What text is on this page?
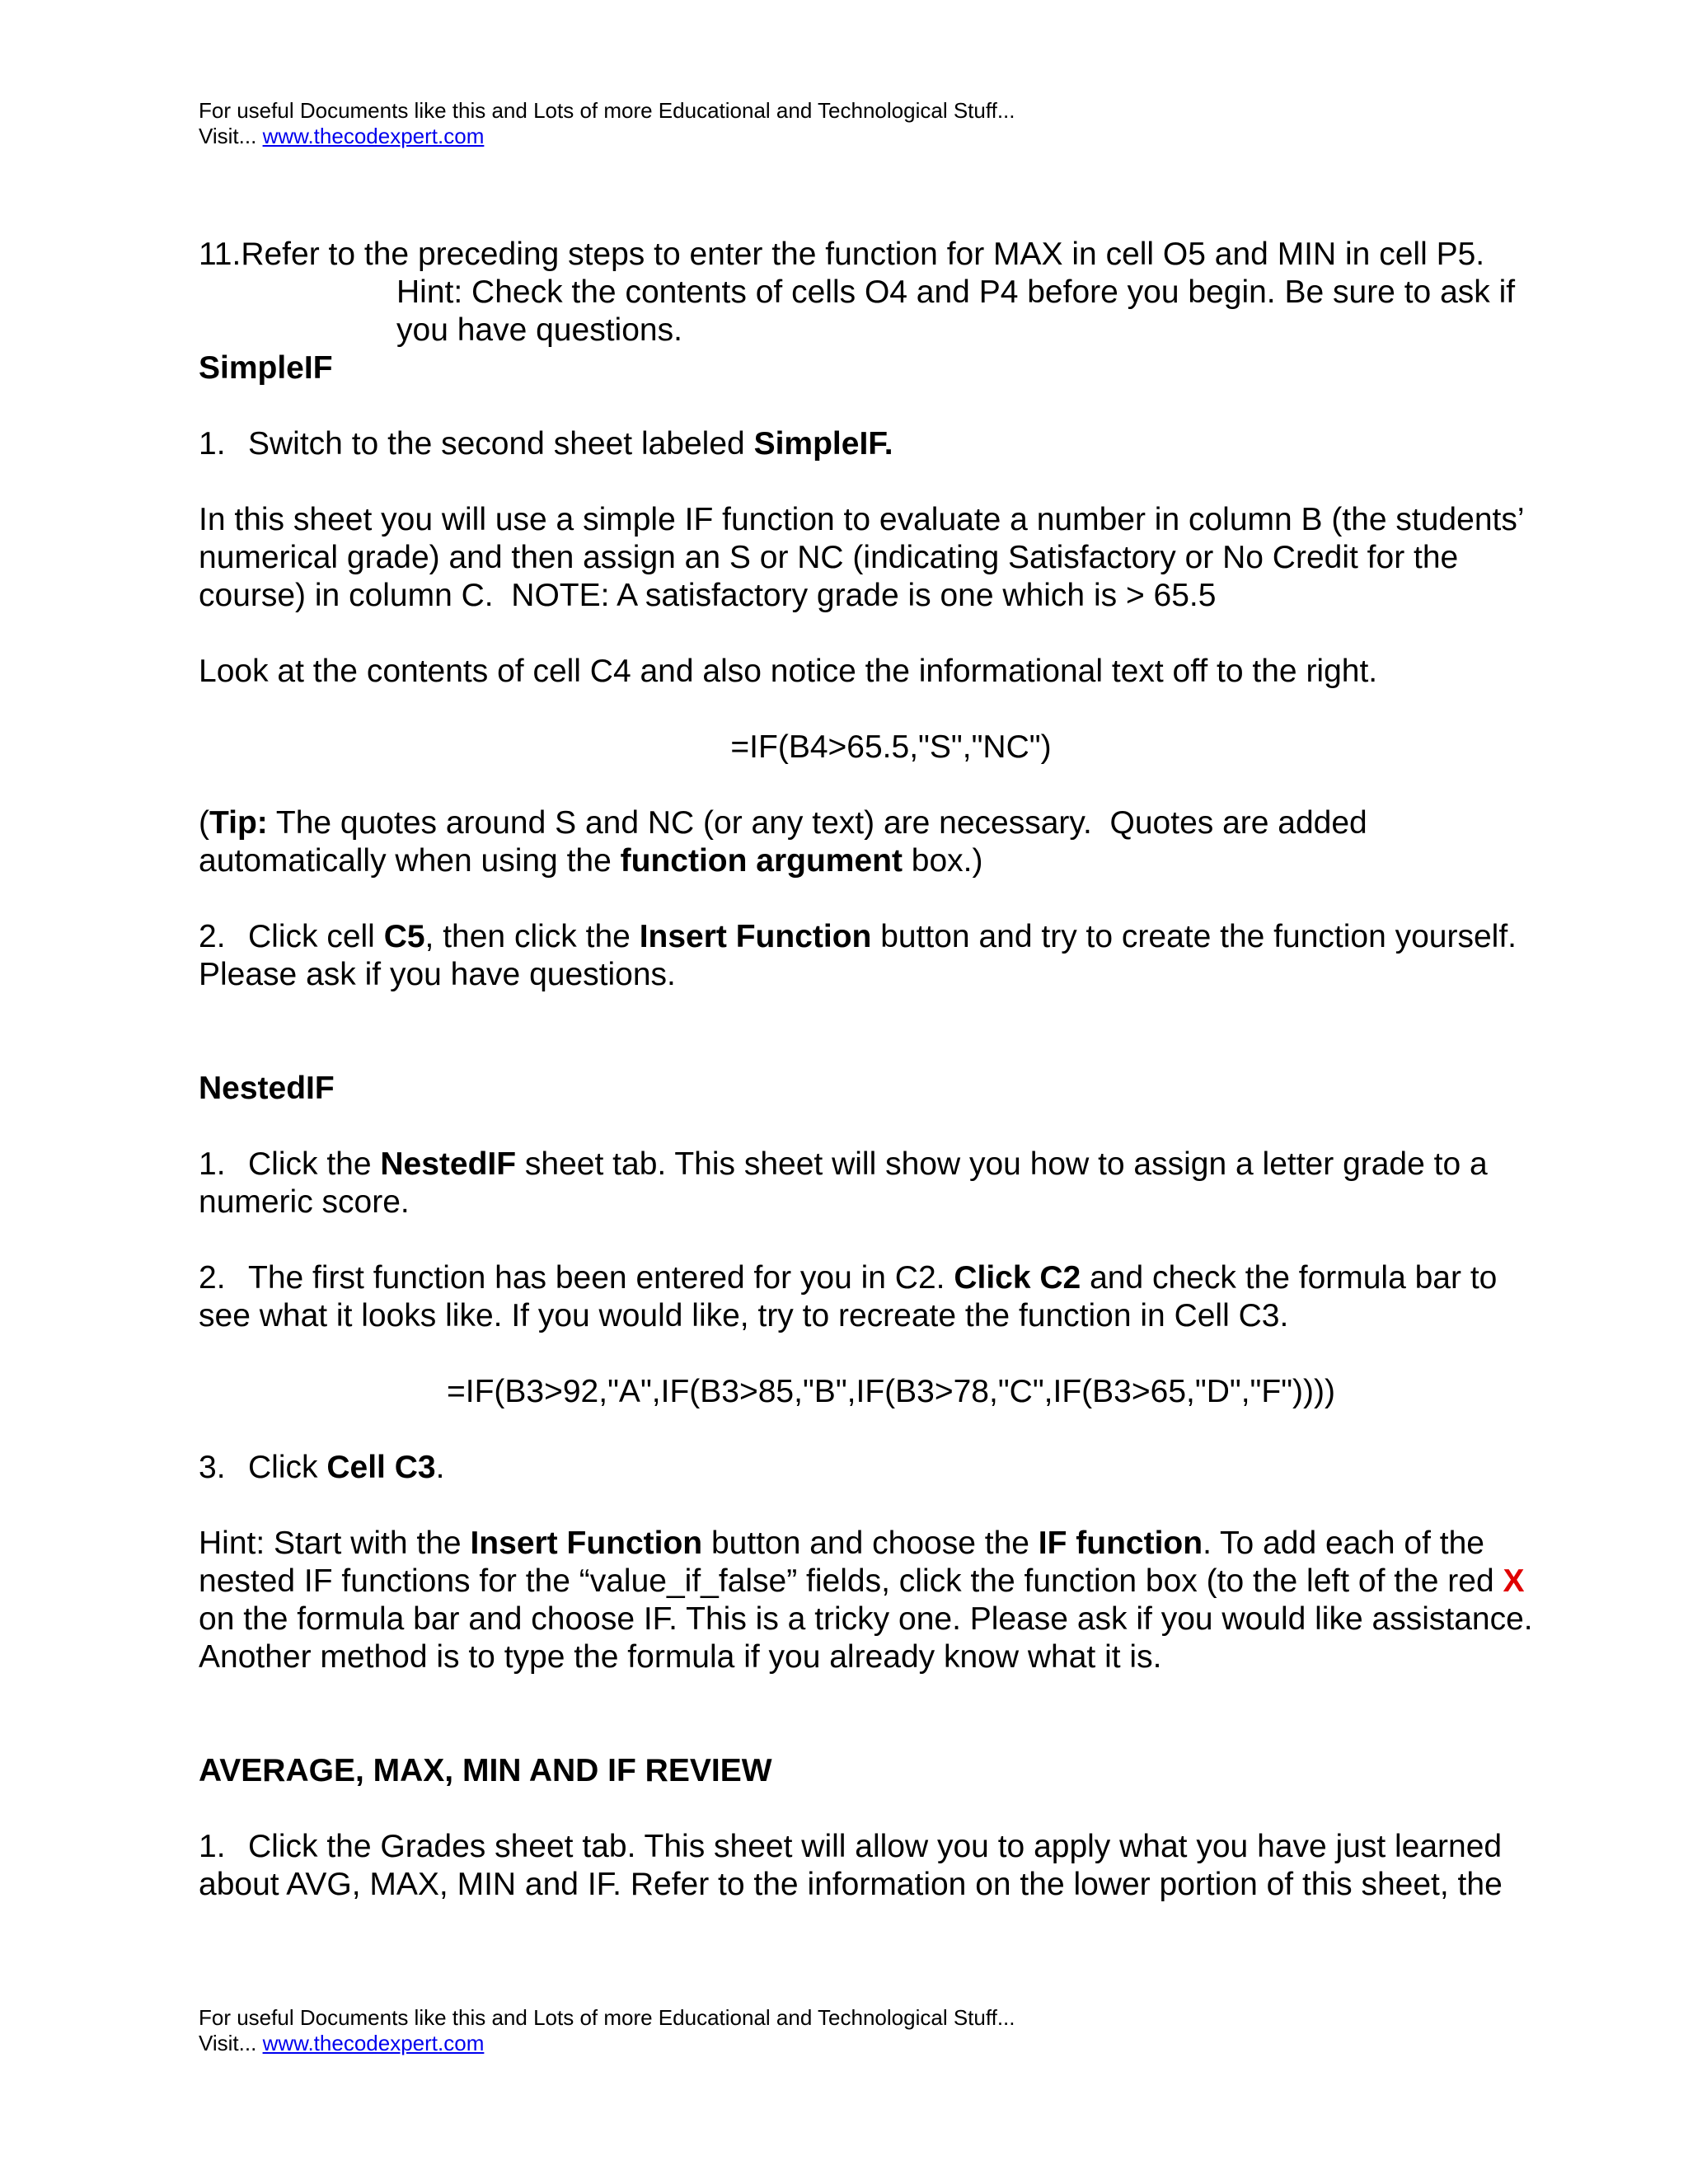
For useful Documents like this and Lots of more Educational and Technological Stuff...
Visit... www.thecodexpert.com
11.Refer to the preceding steps to enter the function for MAX in cell O5 and MIN in cell P5.
Hint: Check the contents of cells O4 and P4 before you begin. Be sure to ask if
you have questions.
SimpleIF
1. Switch to the second sheet labeled SimpleIF.
In this sheet you will use a simple IF function to evaluate a number in column B (the students’
numerical grade) and then assign an S or NC (indicating Satisfactory or No Credit for the
course) in column C.  NOTE: A satisfactory grade is one which is > 65.5
Look at the contents of cell C4 and also notice the informational text off to the right.
=IF(B4>65.5,"S","NC")
(Tip: The quotes around S and NC (or any text) are necessary.  Quotes are added
automatically when using the function argument box.)
2. Click cell C5, then click the Insert Function button and try to create the function yourself.
Please ask if you have questions.
NestedIF
1. Click the NestedIF sheet tab. This sheet will show you how to assign a letter grade to a
numeric score.
2. The first function has been entered for you in C2. Click C2 and check the formula bar to
see what it looks like. If you would like, try to recreate the function in Cell C3.
=IF(B3>92,"A",IF(B3>85,"B",IF(B3>78,"C",IF(B3>65,"D","F"))))
3. Click Cell C3.
Hint: Start with the Insert Function button and choose the IF function. To add each of the
nested IF functions for the “value_if_false” fields, click the function box (to the left of the red X
on the formula bar and choose IF. This is a tricky one. Please ask if you would like assistance.
Another method is to type the formula if you already know what it is.
AVERAGE, MAX, MIN AND IF REVIEW
1. Click the Grades sheet tab. This sheet will allow you to apply what you have just learned
about AVG, MAX, MIN and IF. Refer to the information on the lower portion of this sheet, the
For useful Documents like this and Lots of more Educational and Technological Stuff...
Visit... www.thecodexpert.com
